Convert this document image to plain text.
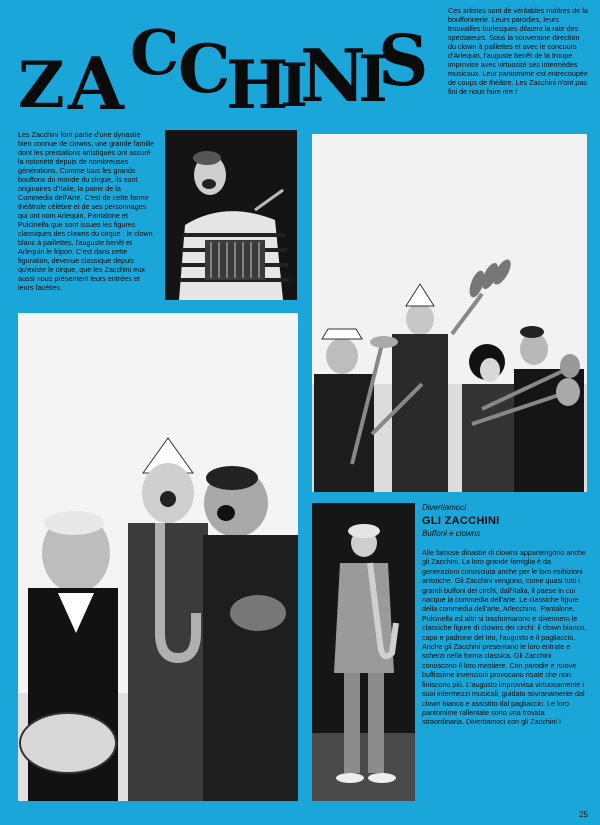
Z A C C
H
I
N
I
S

Ces artistes sont de véritables maîtres de la bouffonnerie. Leurs parodies, leurs trouvailles burlesques dilatent la rate des spectateurs. Sous la souveraine direction du clown à paillettes et avec le concours d'Arlequin, l'auguste benêt de la troupe improvise avec virtuosité ses intermèdes musicaux. Leur pantomime est entrecoupée de coups de théâtre. Les Zacchini n'ont pas fini de nous faire rire !

Les Zacchini font partie d'une dynastie bien connue de clowns, une grande famille dont les prestations artistiques ont assuré la notoriété depuis de nombreuses générations. Comme tous les grands bouffons du monde du cirque, ils sont originaires d'Italie, la patrie de la Commedia dell'Arte. C'est de cette forme théâtrale célèbre et de ses personnages qui ont nom Arlequin, Pantalone et Pulcinella que sont issues les figures classiques des clowns du cirque : le clown blanc à paillettes, l'auguste benêt et Arlequin le fripon. C'est dans cette figuration, devenue classique depuis qu'existe le cirque, que les Zacchini eux aussi nous présentent leurs entrées et leurs facéties.

Divertiamoci

GLI ZACCHINI

Buffoni e clowns

Alle famose dinastie di clowns appartengono anche gli Zacchini. La loro grande famiglia è da generazioni conosciuta anche per le loro esibizioni artistiche. Gli Zacchini vengono, come quasi tutti i grandi buffoni dei circhi, dall'Italia, il paese in cui nacque la commedia dell'arte. Le classiche figure della commedia dell'arte, Arlecchino, Pantalone, Pulcinella ed altri si trasformarono e divennero le classiche figure di clowns dei circhi: il clown bianco, capo e padrone del trio, l'augusto e il pagliaccio. Anche gli Zacchini presentano le loro entrate e scherzi nella forma classica. Gli Zacchini conoscono il loro mestiere. Con parodie e nuove buffissime invenzioni provocano risate che non finiscono più. L'augusto improvvisa virtuosamente i suoi intermezzi musicali, guidato sovranamente dal clown bianco e assistito dal pagliaccio. Le loro pantomime rallentate sono una trovata straordinaria. Divertiamoci con gli Zacchini !

25
